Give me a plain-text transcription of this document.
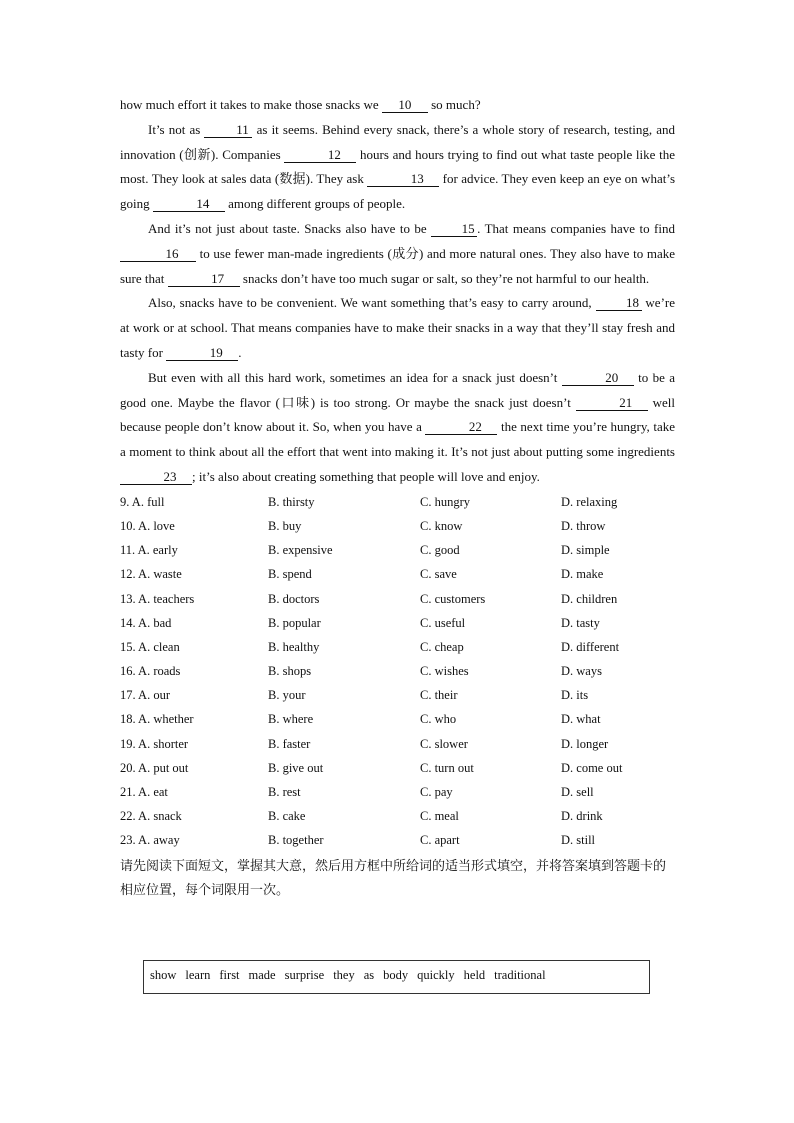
how much effort it takes to make those snacks we 10 so much?

It’s not as 11 as it seems. Behind every snack, there’s a whole story of research, testing, and innovation (创新). Companies	12 hours and hours trying to find out what taste people like the most. They look at sales data (数据). They ask	13 for advice. They even keep an eye on what’s going	14 among different groups of people.

And it’s not just about taste. Snacks also have to be 15 . That means companies have to find 16 to use fewer man-made ingredients (成分) and more natural ones. They also have to make sure that	17 snacks don’t have too much sugar or salt, so they’re not harmful to our health.

Also, snacks have to be convenient. We want something that’s easy to carry around, 18 we’re at work or at school. That means companies have to make their snacks in a way that they’ll stay fresh and tasty for	19 .

But even with all this hard work, sometimes an idea for a snack just doesn’t	20 to be a good one. Maybe the flavor (口味) is too strong. Or maybe the snack just doesn’t	21 well because people don’t know about it. So, when you have a	22 the next time you’re hungry, take a moment to think about all the effort that went into making it. It’s not just about putting some ingredients 23 ; it’s also about creating something that people will love and enjoy.

9. A. full	B. thirsty	C. hungry	D. relaxing
10. A. love	B. buy	C. know	D. throw
11. A. early	B. expensive	C. good	D. simple
12. A. waste	B. spend	C. save	D. make
13. A. teachers	B. doctors	C. customers	D. children
14. A. bad	B. popular	C. useful	D. tasty
15. A. clean	B. healthy	C. cheap	D. different
16. A. roads	B. shops	C. wishes	D. ways
17. A. our	B. your	C. their	D. its
18. A. whether	B. where	C. who	D. what
19. A. shorter	B. faster	C. slower	D. longer
20. A. put out	B. give out	C. turn out	D. come out
21. A. eat	B. rest	C. pay	D. sell
22. A. snack	B. cake	C. meal	D. drink
23. A. away	B. together	C. apart	D. still

请先阅读下面短文，掌握其大意，然后用方框中所给词的适当形式填空，并将答案填到答题卡的相应位置，每个词限用一次。

show learn first made surprise they as body quickly held traditional
